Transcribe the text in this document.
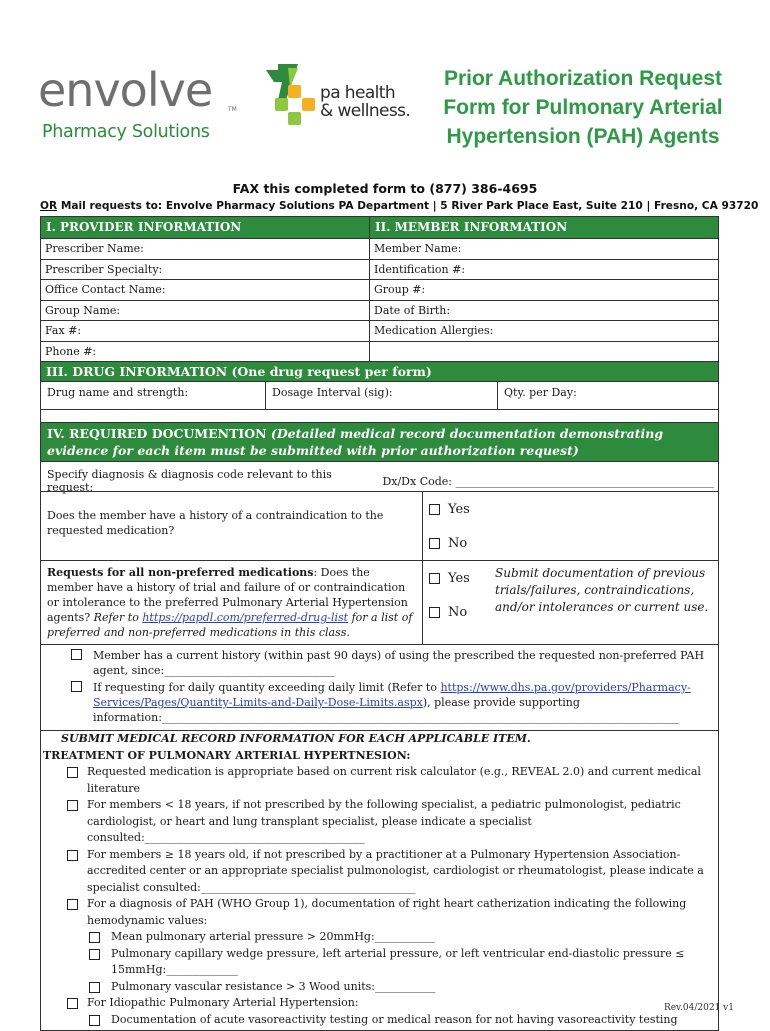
envolve	TM
Pharmacy Solutions
pa health
& wellness.
Prior Authorization Request
Form for Pulmonary Arterial
Hypertension (PAH) Agents
FAX this completed form to (877) 386-4695
OR Mail requests to: Envolve Pharmacy Solutions PA Department | 5 River Park Place East, Suite 210 | Fresno, CA 93720
I. PROVIDER INFORMATION	II. MEMBER INFORMATION
Prescriber Name:	Member Name:
Prescriber Specialty:	Identification #:
Office Contact Name:	Group #:
Group Name:	Date of Birth:
Fax #:	Medication Allergies:
Phone #:
III. DRUG INFORMATION (One drug request per form)
Drug name and strength:	Dosage Interval (sig):	Qty. per Day:
IV. REQUIRED DOCUMENTION (Detailed medical record documentation demonstrating evidence for each item must be submitted with prior authorization request)
Specify diagnosis & diagnosis code relevant to this request:	Dx/Dx Code: _______________________________________________
Does the member have a history of a contraindication to the requested medication?
Yes
No
Requests for all non-preferred medications: Does the member have a history of trial and failure of or contraindication or intolerance to the preferred Pulmonary Arterial Hypertension agents? Refer to https://papdl.com/preferred-drug-list for a list of preferred and non-preferred medications in this class.
Yes
No
Submit documentation of previous trials/failures, contraindications, and/or intolerances or current use.
Member has a current history (within past 90 days) of using the prescribed the requested non-preferred PAH agent, since:_______________________________
If requesting for daily quantity exceeding daily limit (Refer to https://www.dhs.pa.gov/providers/Pharmacy-Services/Pages/Quantity-Limits-and-Daily-Dose-Limits.aspx), please provide supporting information:______________________________________________________________________________________________
SUBMIT MEDICAL RECORD INFORMATION FOR EACH APPLICABLE ITEM.
TREATMENT OF PULMONARY ARTERIAL HYPERTNESION:
Requested medication is appropriate based on current risk calculator (e.g., REVEAL 2.0) and current medical literature
For members < 18 years, if not prescribed by the following specialist, a pediatric pulmonologist, pediatric cardiologist, or heart and lung transplant specialist, please indicate a specialist consulted:________________________________________
For members ≥ 18 years old, if not prescribed by a practitioner at a Pulmonary Hypertension Association-accredited center or an appropriate specialist pulmonologist, cardiologist or rheumatologist, please indicate a specialist consulted:_______________________________________
For a diagnosis of PAH (WHO Group 1), documentation of right heart catherization indicating the following hemodynamic values:
Mean pulmonary arterial pressure > 20mmHg:___________
Pulmonary capillary wedge pressure, left arterial pressure, or left ventricular end-diastolic pressure ≤ 15mmHg:_____________
Pulmonary vascular resistance > 3 Wood units:___________
For Idiopathic Pulmonary Arterial Hypertension:
Documentation of acute vasoreactivity testing or medical reason for not having vasoreactivity testing
Rev.04/2021 v1
